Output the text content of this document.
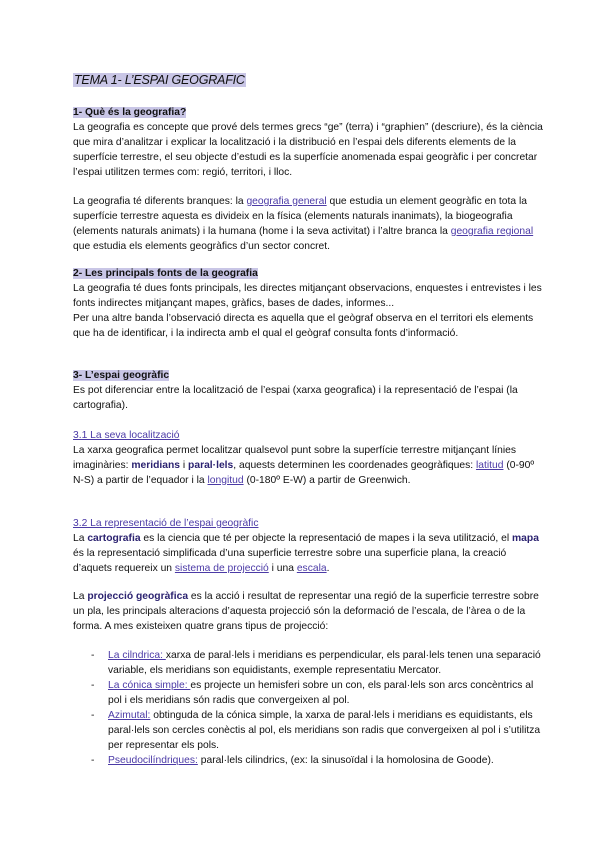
TEMA 1- L’ESPAI GEOGRAFIC
1- Què és la geografia?

La geografia es concepte que prové dels termes grecs “ge” (terra) i “graphien” (descriure), és la ciència que mira d’analitzar i explicar la localització i la distribució en l’espai dels diferents elements de la superfície terrestre, el seu objecte d’estudi es la superfície anomenada espai geogràfic i per concretar l’espai utilitzen termes com: regió, territori, i lloc.

La geografia té diferents branques: la geografia general que estudia un element geogràfic en tota la superfície terrestre aquesta es divideix en la física (elements naturals inanimats), la biogeografia (elements naturals animats) i la humana (home i la seva activitat) i l’altre branca la geografia regional que estudia els elements geogràfics d’un sector concret.

2- Les principals fonts de la geografia

La geografia té dues fonts principals, les directes mitjançant observacions, enquestes i entrevistes i les fonts indirectes mitjançant mapes, gràfics, bases de dades, informes...

Per una altre banda l’observació directa es aquella que el geògraf observa en el territori els elements que ha de identificar, i la indirecta amb el qual el geògraf consulta fonts d’informació.

3- L’espai geogràfic

Es pot diferenciar entre la localització de l’espai (xarxa geografica) i la representació de l’espai (la cartografia).

3.1 La seva localització

La xarxa geografica permet localitzar qualsevol punt sobre la superfície terrestre mitjançant línies imaginàries: meridians i paral·lels, aquests determinen les coordenades geogràfiques: latitud (0-90º N-S) a partir de l’equador i la longitud (0-180º E-W) a partir de Greenwich.

3.2 La representació de l’espai geogràfic

La cartografia es la ciencia que té per objecte la representació de mapes i la seva utilització, el mapa és la representació simplificada d’una superficie terrestre sobre una superficie plana, la creació d’aquets requereix un sistema de projecció i una escala.

La projecció geogràfica es la acció i resultat de representar una regió de la superficie terrestre sobre un pla, les principals alteracions d’aquesta projecció són la deformació de l’escala, de l’àrea o de la forma. A mes existeixen quatre grans tipus de projecció:

- La cilndrica: xarxa de paral·lels i meridians es perpendicular, els paral·lels tenen una separació variable, els meridians son equidistants, exemple representatiu Mercator.
- La cónica simple: es projecte un hemisferi sobre un con, els paral·lels son arcs concèntrics al pol i els meridians són radis que convergeixen al pol.
- Azimutal: obtinguda de la cónica simple, la xarxa de paral·lels i meridians es equidistants, els paral·lels son cercles conèctis al pol, els meridians son radis que convergeixen al pol i s’utilitza per representar els pols.
- Pseudocilíndriques: paral·lels cilindrics, (ex: la sinusoïdal i la homolosina de Goode).
